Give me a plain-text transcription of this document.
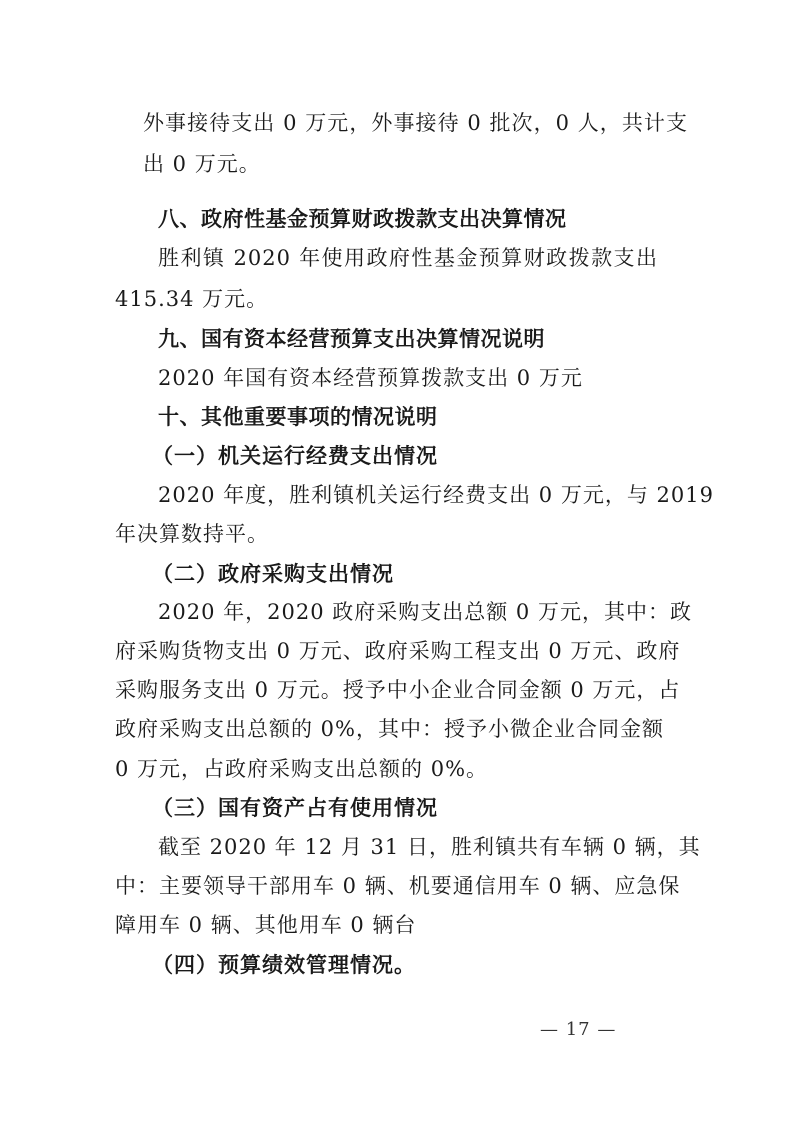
外事接待支出 0 万元，外事接待 0 批次，0 人，共计支
出 0 万元。
八、政府性基金预算财政拨款支出决算情况
胜利镇 2020 年使用政府性基金预算财政拨款支出
415.34 万元。
九、国有资本经营预算支出决算情况说明
2020 年国有资本经营预算拨款支出 0 万元
十、其他重要事项的情况说明
（一）机关运行经费支出情况
2020 年度，胜利镇机关运行经费支出 0 万元，与 2019
年决算数持平。
（二）政府采购支出情况
2020 年，2020 政府采购支出总额 0 万元，其中：政
府采购货物支出 0 万元、政府采购工程支出 0 万元、政府
采购服务支出 0 万元。授予中小企业合同金额 0 万元，占
政府采购支出总额的 0%，其中：授予小微企业合同金额
0 万元，占政府采购支出总额的 0%。
（三）国有资产占有使用情况
截至 2020 年 12 月 31 日，胜利镇共有车辆 0 辆，其
中：主要领导干部用车 0 辆、机要通信用车 0 辆、应急保
障用车 0 辆、其他用车 0 辆台
（四）预算绩效管理情况。
— 17 —
